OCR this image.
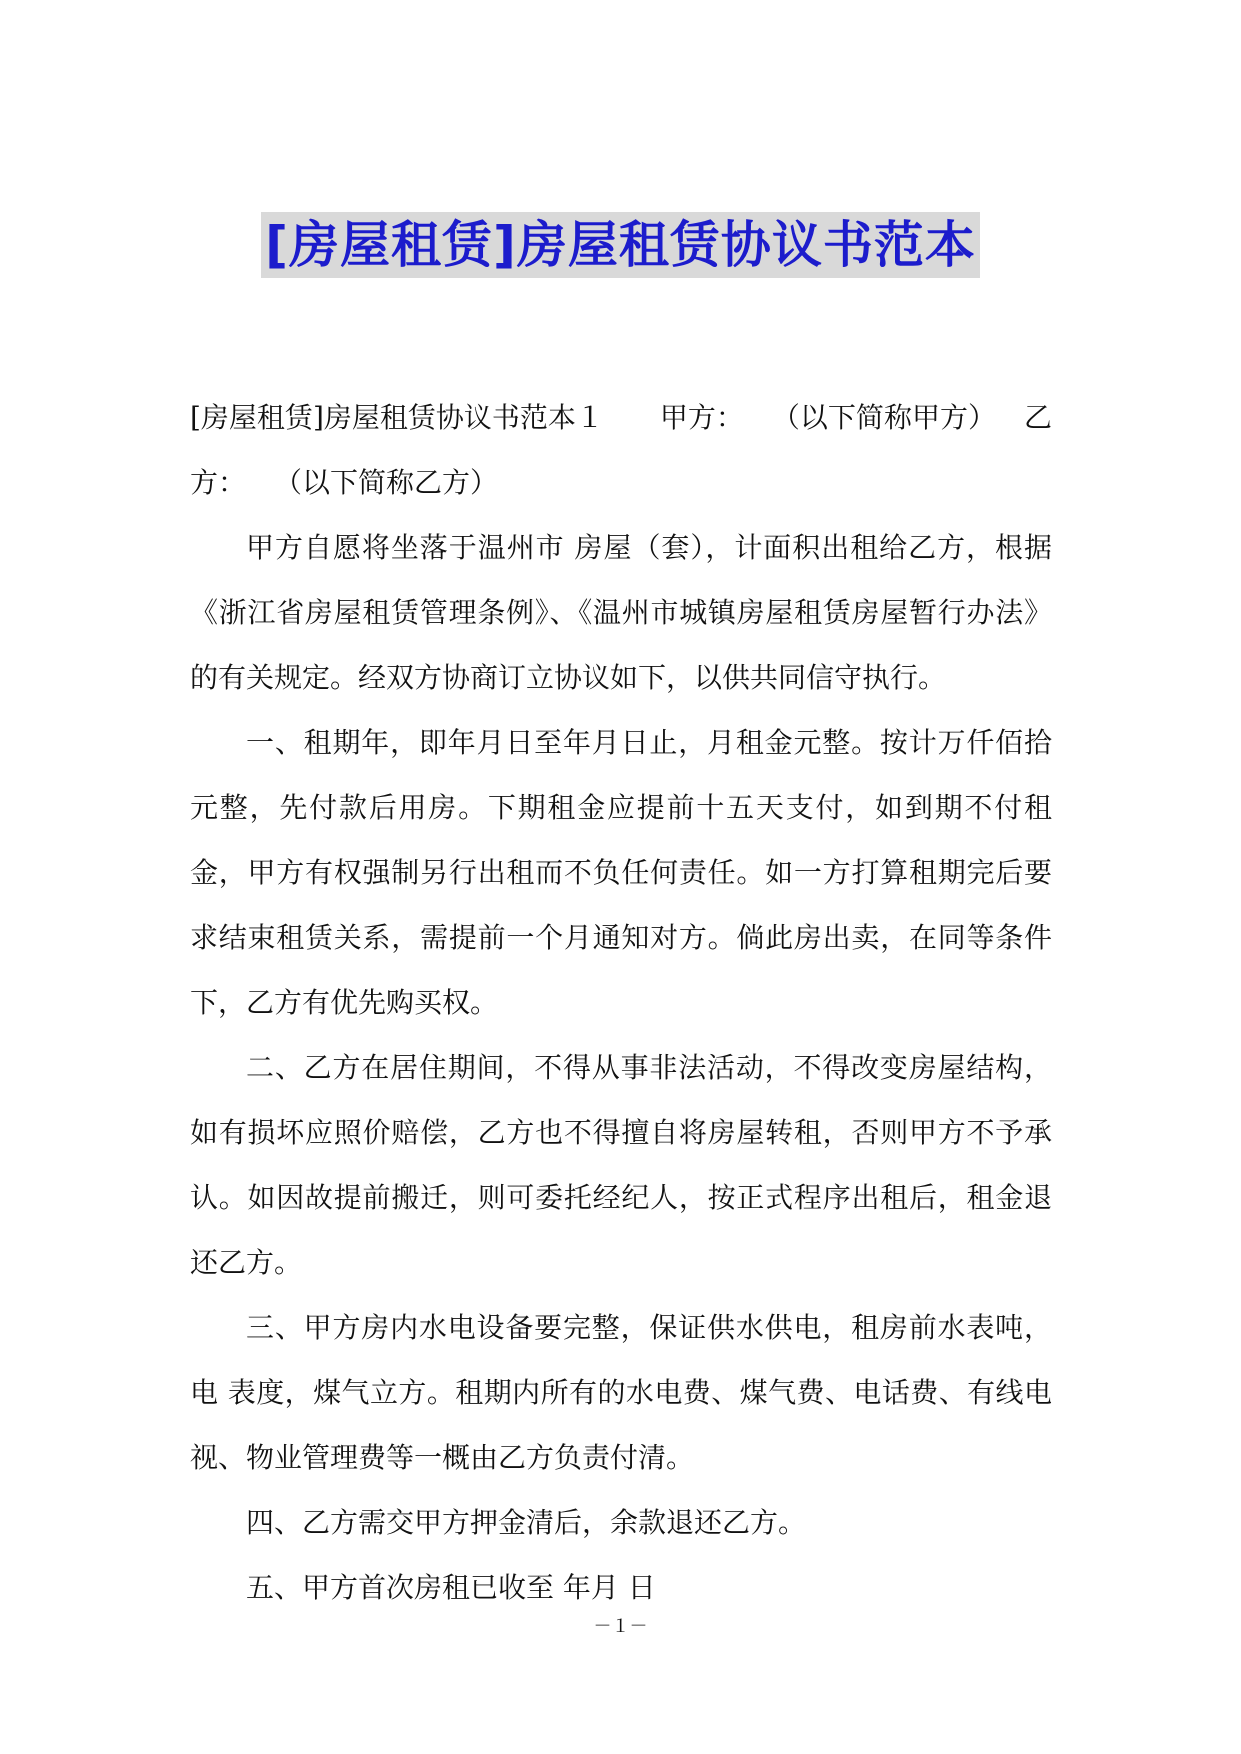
[房屋租赁]房屋租赁协议书范本

[房屋租赁]房屋租赁协议书范本１ 甲方： （以下简称甲方） 乙方： （以下简称乙方）

甲方自愿将坐落于温州市 房屋（套），计面积出租给乙方，根据《浙江省房屋租赁管理条例》、《温州市城镇房屋租赁房屋暂行办法》的有关规定。经双方协商订立协议如下，以供共同信守执行。

一、租期年，即年月日至年月日止，月租金元整。按计万仟佰拾元整，先付款后用房。下期租金应提前十五天支付，如到期不付租金，甲方有权强制另行出租而不负任何责任。如一方打算租期完后要求结束租赁关系，需提前一个月通知对方。倘此房出卖，在同等条件下，乙方有优先购买权。

二、乙方在居住期间，不得从事非法活动，不得改变房屋结构，如有损坏应照价赔偿，乙方也不得擅自将房屋转租，否则甲方不予承认。如因故提前搬迁，则可委托经纪人，按正式程序出租后，租金退还乙方。

三、甲方房内水电设备要完整，保证供水供电，租房前水表吨，电 表度，煤气立方。租期内所有的水电费、煤气费、电话费、有线电视、物业管理费等一概由乙方负责付清。

四、乙方需交甲方押金清后，余款退还乙方。

五、甲方首次房租已收至 年月 日

－１－
